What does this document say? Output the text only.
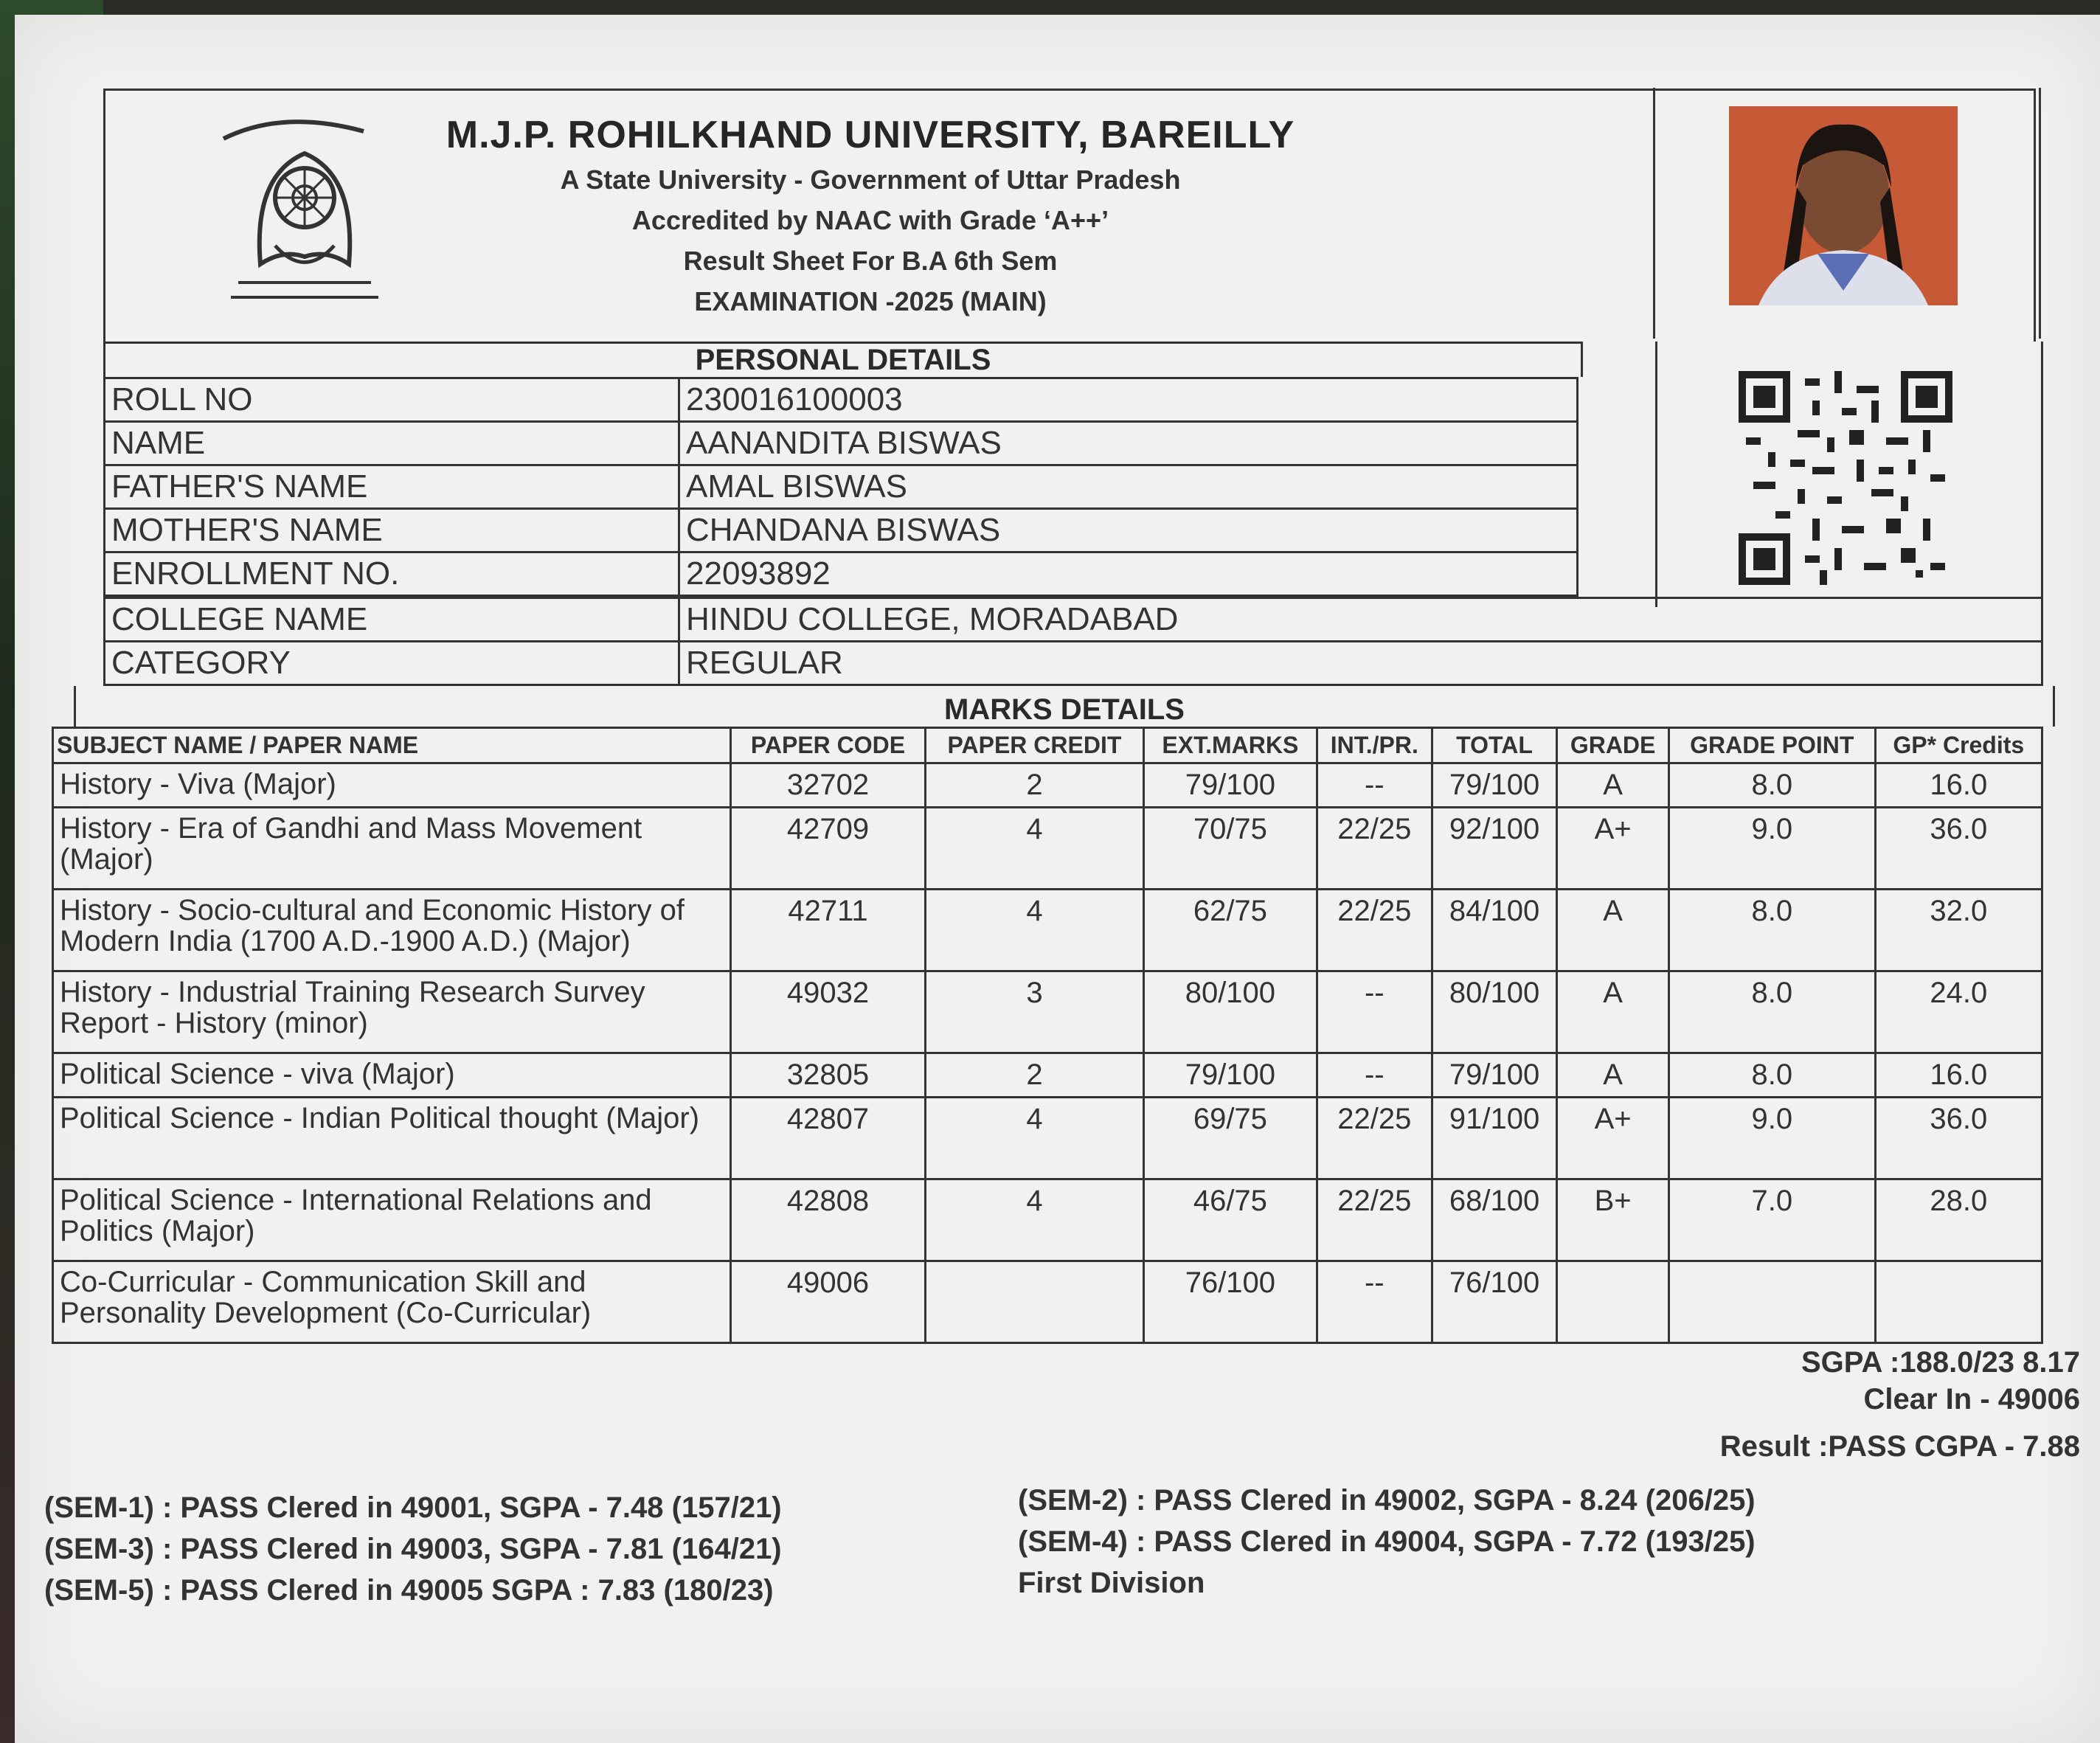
M.J.P. ROHILKHAND UNIVERSITY, BAREILLY
A State University - Government of Uttar Pradesh
Accredited by NAAC with Grade ‘A++’
Result Sheet For B.A 6th Sem
EXAMINATION -2025 (MAIN)
PERSONAL DETAILS
ROLL NO	230016100003
NAME	AANANDITA BISWAS
FATHER'S NAME	AMAL BISWAS
MOTHER'S NAME	CHANDANA BISWAS
ENROLLMENT NO.	22093892
COLLEGE NAME	HINDU COLLEGE, MORADABAD
CATEGORY	REGULAR
MARKS DETAILS
SUBJECT NAME / PAPER NAME	PAPER CODE	PAPER CREDIT	EXT.MARKS	INT./PR.	TOTAL	GRADE	GRADE POINT	GP* Credits
History - Viva (Major)	32702	2	79/100	--	79/100	A	8.0	16.0
History - Era of Gandhi and Mass Movement (Major)	42709	4	70/75	22/25	92/100	A+	9.0	36.0
History - Socio-cultural and Economic History of Modern India (1700 A.D.-1900 A.D.) (Major)	42711	4	62/75	22/25	84/100	A	8.0	32.0
History - Industrial Training Research Survey Report - History (minor)	49032	3	80/100	--	80/100	A	8.0	24.0
Political Science - viva (Major)	32805	2	79/100	--	79/100	A	8.0	16.0
Political Science - Indian Political thought (Major)	42807	4	69/75	22/25	91/100	A+	9.0	36.0
Political Science - International Relations and Politics (Major)	42808	4	46/75	22/25	68/100	B+	7.0	28.0
Co-Curricular - Communication Skill and Personality Development (Co-Curricular)	49006		76/100	--	76/100			
SGPA :188.0/23 8.17
Clear In - 49006
Result :PASS CGPA - 7.88
(SEM-1) : PASS Clered in 49001, SGPA - 7.48 (157/21)
(SEM-3) : PASS Clered in 49003, SGPA - 7.81 (164/21)
(SEM-5) : PASS Clered in 49005 SGPA : 7.83 (180/23)
(SEM-2) : PASS Clered in 49002, SGPA - 8.24 (206/25)
(SEM-4) : PASS Clered in 49004, SGPA - 7.72 (193/25)
First Division
